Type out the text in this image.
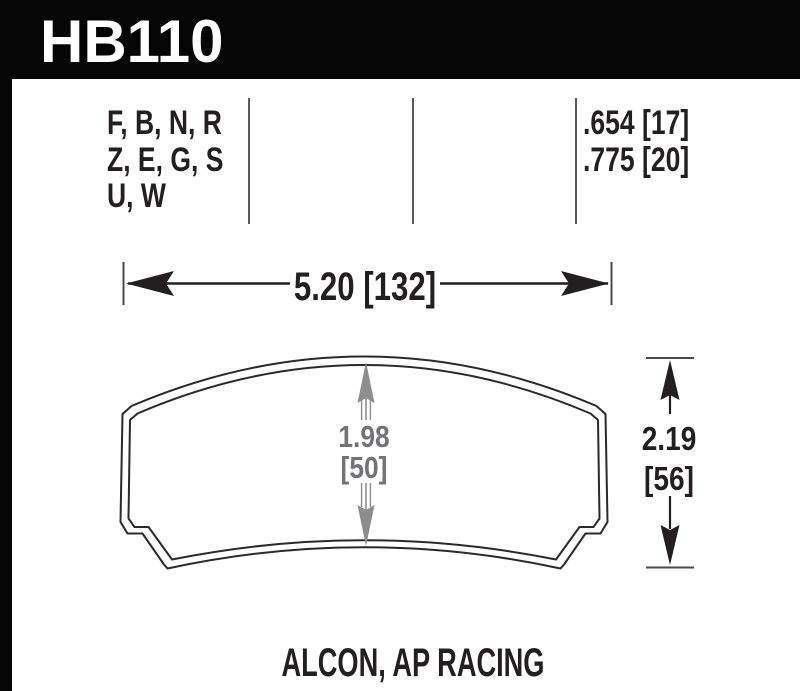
HB110
F, B, N, R
Z, E, G, S
U, W
.654 [17]
.775 [20]
5.20 [132]
1.98
[50]
2.19
[56]
ALCON, AP RACING
